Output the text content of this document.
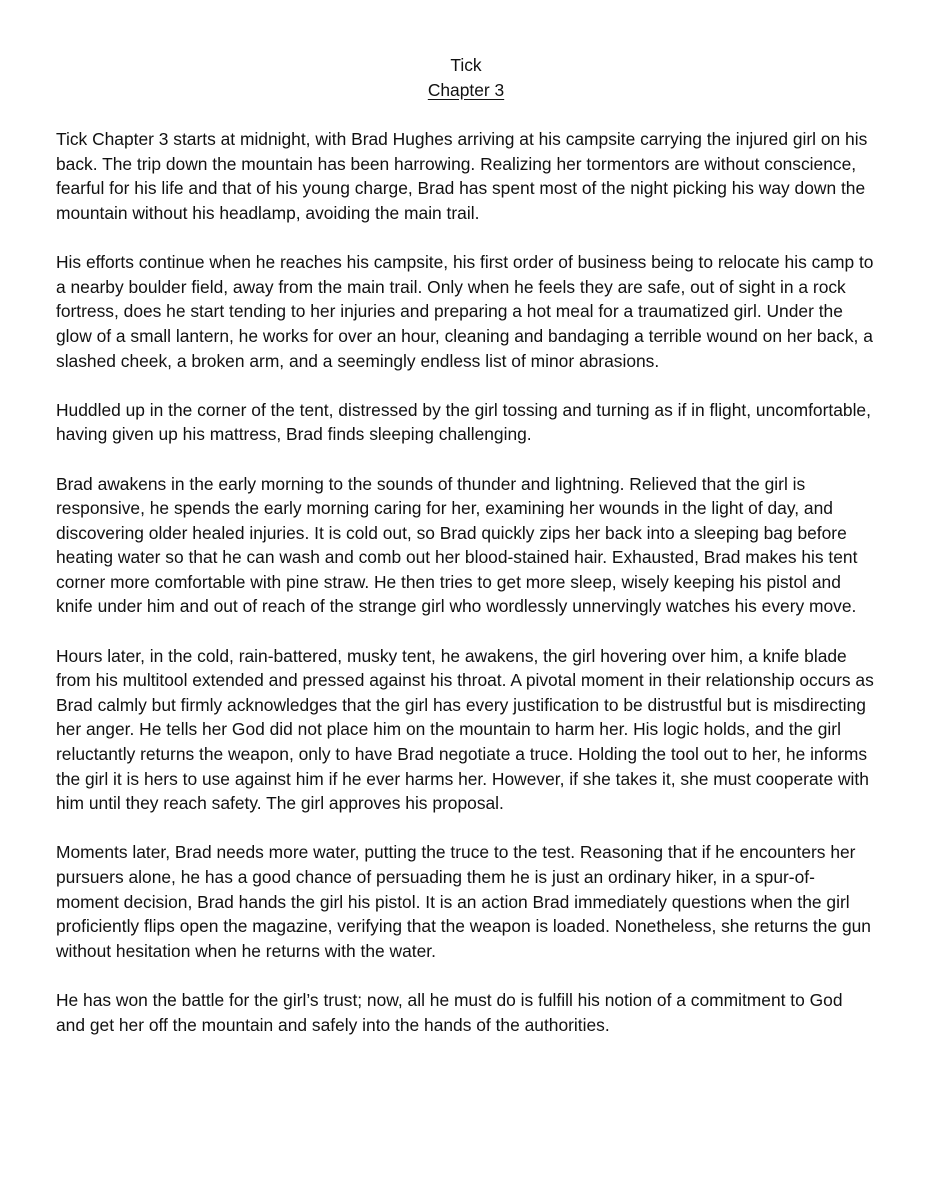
Tick
Chapter 3

Tick Chapter 3 starts at midnight, with Brad Hughes arriving at his campsite carrying the injured girl on his back. The trip down the mountain has been harrowing. Realizing her tormentors are without conscience, fearful for his life and that of his young charge, Brad has spent most of the night picking his way down the mountain without his headlamp, avoiding the main trail.

His efforts continue when he reaches his campsite, his first order of business being to relocate his camp to a nearby boulder field, away from the main trail. Only when he feels they are safe, out of sight in a rock fortress, does he start tending to her injuries and preparing a hot meal for a traumatized girl. Under the glow of a small lantern, he works for over an hour, cleaning and bandaging a terrible wound on her back, a slashed cheek, a broken arm, and a seemingly endless list of minor abrasions.

Huddled up in the corner of the tent, distressed by the girl tossing and turning as if in flight, uncomfortable, having given up his mattress, Brad finds sleeping challenging.

Brad awakens in the early morning to the sounds of thunder and lightning. Relieved that the girl is responsive, he spends the early morning caring for her, examining her wounds in the light of day, and discovering older healed injuries. It is cold out, so Brad quickly zips her back into a sleeping bag before heating water so that he can wash and comb out her blood-stained hair. Exhausted, Brad makes his tent corner more comfortable with pine straw. He then tries to get more sleep, wisely keeping his pistol and knife under him and out of reach of the strange girl who wordlessly unnervingly watches his every move.

Hours later, in the cold, rain-battered, musky tent, he awakens, the girl hovering over him, a knife blade from his multitool extended and pressed against his throat. A pivotal moment in their relationship occurs as Brad calmly but firmly acknowledges that the girl has every justification to be distrustful but is misdirecting her anger. He tells her God did not place him on the mountain to harm her. His logic holds, and the girl reluctantly returns the weapon, only to have Brad negotiate a truce. Holding the tool out to her, he informs the girl it is hers to use against him if he ever harms her. However, if she takes it, she must cooperate with him until they reach safety. The girl approves his proposal.

Moments later, Brad needs more water, putting the truce to the test. Reasoning that if he encounters her pursuers alone, he has a good chance of persuading them he is just an ordinary hiker, in a spur-of-moment decision, Brad hands the girl his pistol. It is an action Brad immediately questions when the girl proficiently flips open the magazine, verifying that the weapon is loaded. Nonetheless, she returns the gun without hesitation when he returns with the water.

He has won the battle for the girl’s trust; now, all he must do is fulfill his notion of a commitment to God and get her off the mountain and safely into the hands of the authorities.
